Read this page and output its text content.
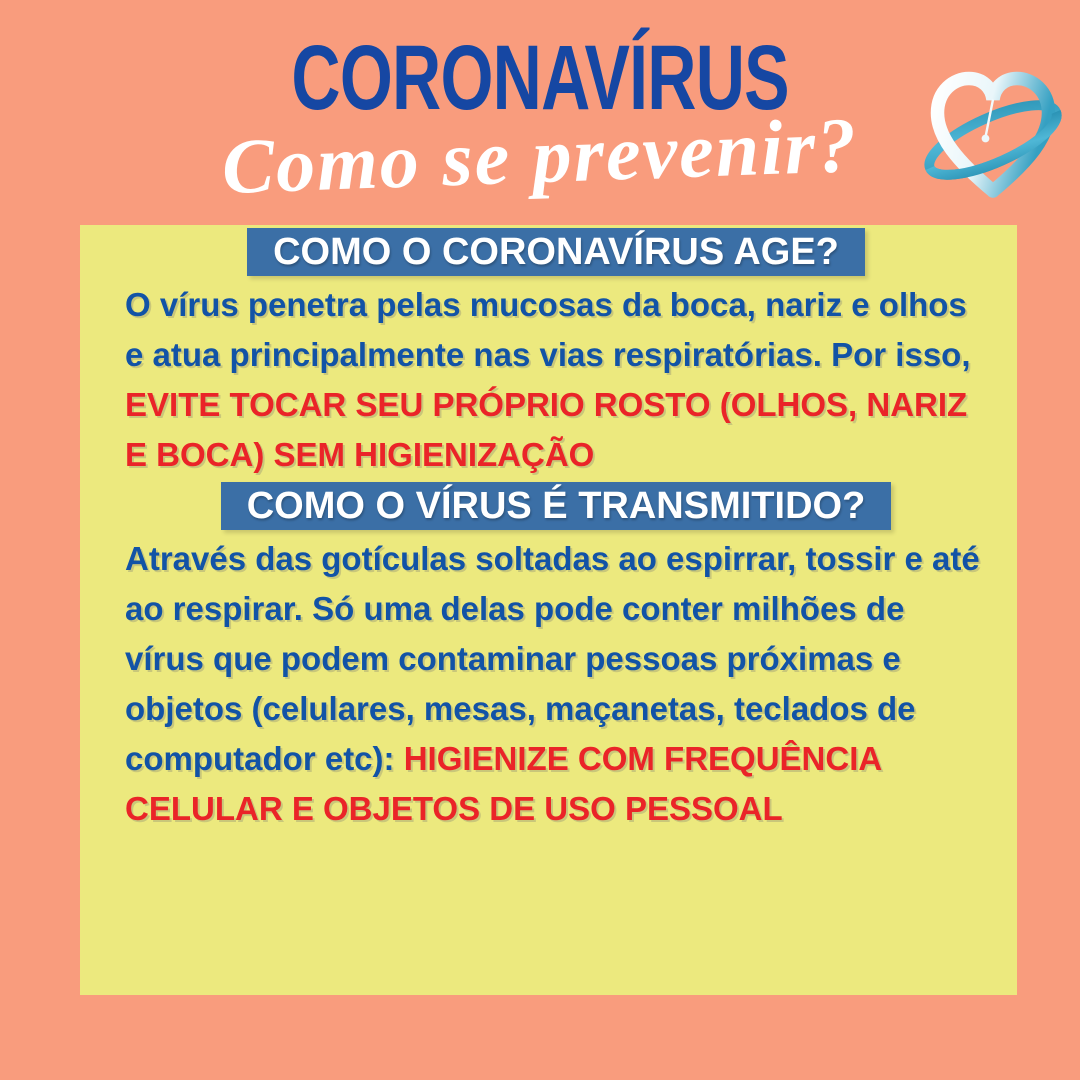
CORONAVÍRUS
Como se prevenir?
COMO O CORONAVÍRUS AGE?

O vírus penetra pelas mucosas da boca, nariz e olhos e atua principalmente nas vias respiratórias. Por isso, EVITE TOCAR SEU PRÓPRIO ROSTO (OLHOS, NARIZ E BOCA) SEM HIGIENIZAÇÃO

COMO O VÍRUS É TRANSMITIDO?

Através das gotículas soltadas ao espirrar, tossir e até ao respirar. Só uma delas pode conter milhões de vírus que podem contaminar pessoas próximas e objetos (celulares, mesas, maçanetas, teclados de computador etc): HIGIENIZE COM FREQUÊNCIA CELULAR E OBJETOS DE USO PESSOAL
